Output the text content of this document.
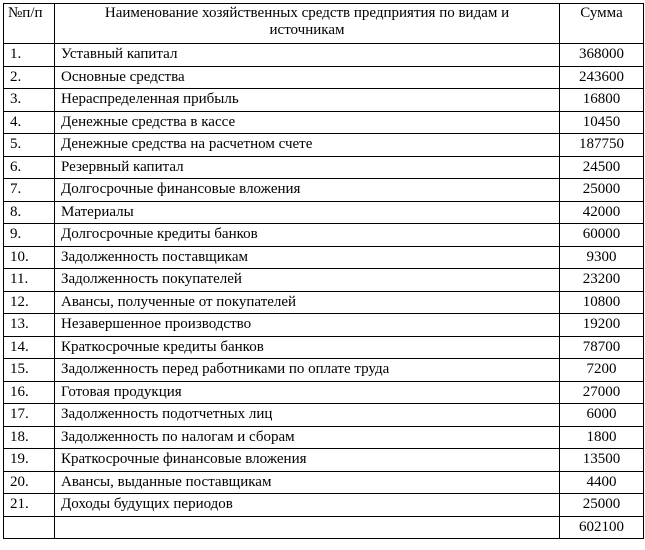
№п/п	Наименование хозяйственных средств предприятия по видам и источникам	Сумма
1.	Уставный капитал	368000
2.	Основные средства	243600
3.	Нераспределенная прибыль	16800
4.	Денежные средства в кассе	10450
5.	Денежные средства на расчетном счете	187750
6.	Резервный капитал	24500
7.	Долгосрочные финансовые вложения	25000
8.	Материалы	42000
9.	Долгосрочные кредиты банков	60000
10.	Задолженность поставщикам	9300
11.	Задолженность покупателей	23200
12.	Авансы, полученные от покупателей	10800
13.	Незавершенное производство	19200
14.	Краткосрочные кредиты банков	78700
15.	Задолженность перед работниками по оплате труда	7200
16.	Готовая продукция	27000
17.	Задолженность подотчетных лиц	6000
18.	Задолженность по налогам и сборам	1800
19.	Краткосрочные финансовые вложения	13500
20.	Авансы, выданные поставщикам	4400
21.	Доходы будущих периодов	25000
		602100
